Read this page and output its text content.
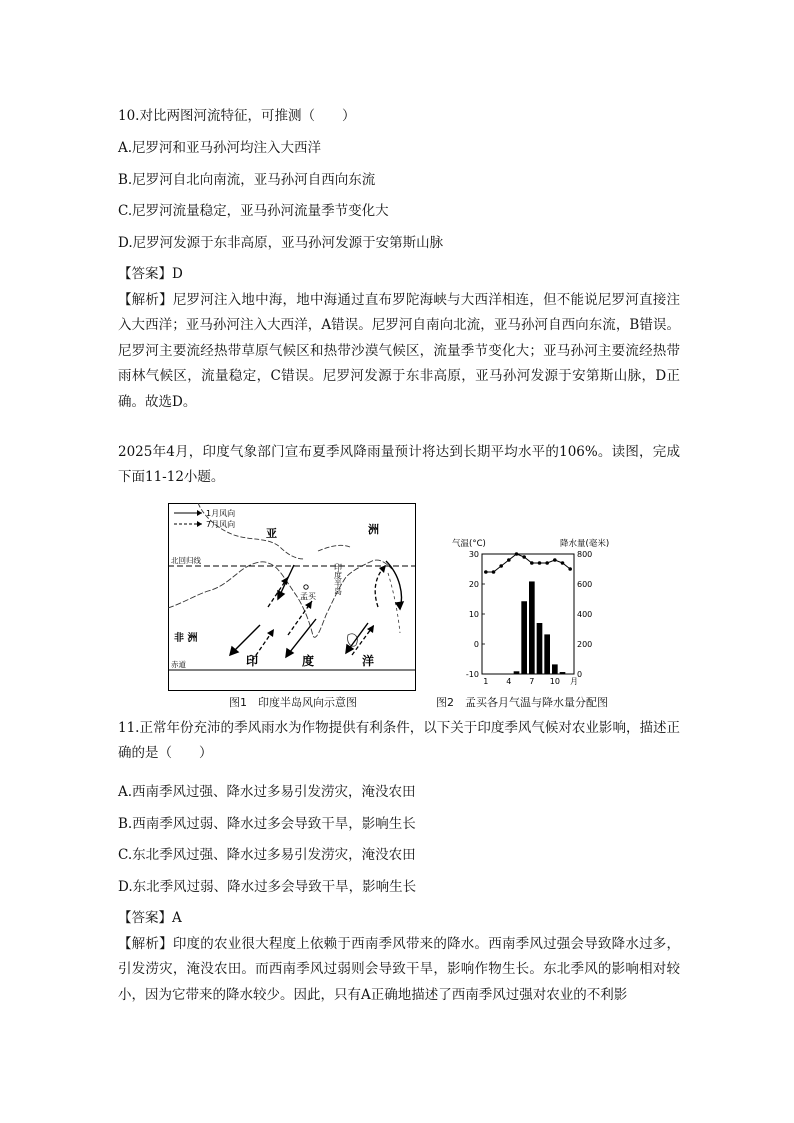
10.对比两图河流特征，可推测（　　）
A.尼罗河和亚马孙河均注入大西洋
B.尼罗河自北向南流，亚马孙河自西向东流
C.尼罗河流量稳定，亚马孙河流量季节变化大
D.尼罗河发源于东非高原，亚马孙河发源于安第斯山脉
【答案】D
【解析】尼罗河注入地中海，地中海通过直布罗陀海峡与大西洋相连，但不能说尼罗河直接注入大西洋；亚马孙河注入大西洋，A错误。尼罗河自南向北流，亚马孙河自西向东流，B错误。尼罗河主要流经热带草原气候区和热带沙漠气候区，流量季节变化大；亚马孙河主要流经热带雨林气候区，流量稳定，C错误。尼罗河发源于东非高原，亚马孙河发源于安第斯山脉，D正确。故选D。
2025年4月，印度气象部门宣布夏季风降雨量预计将达到长期平均水平的106%。读图，完成下面11-12小题。
1月风向
7月风向
亚	洲
北回归线
印度半岛
孟买
非 洲
赤道	印	度	洋
图1　印度半岛风向示意图
气温(°C)	降水量(毫米)
30
20
10
0
-10
800
600
400
200
0
1 4 7 10 月
图2　孟买各月气温与降水量分配图
11.正常年份充沛的季风雨水为作物提供有利条件，以下关于印度季风气候对农业影响，描述正确的是（　　）
A.西南季风过强、降水过多易引发涝灾，淹没农田
B.西南季风过弱、降水过多会导致干旱，影响生长
C.东北季风过强、降水过多易引发涝灾，淹没农田
D.东北季风过弱、降水过多会导致干旱，影响生长
【答案】A
【解析】印度的农业很大程度上依赖于西南季风带来的降水。西南季风过强会导致降水过多，引发涝灾，淹没农田。而西南季风过弱则会导致干旱，影响作物生长。东北季风的影响相对较小，因为它带来的降水较少。因此，只有A正确地描述了西南季风过强对农业的不利影
